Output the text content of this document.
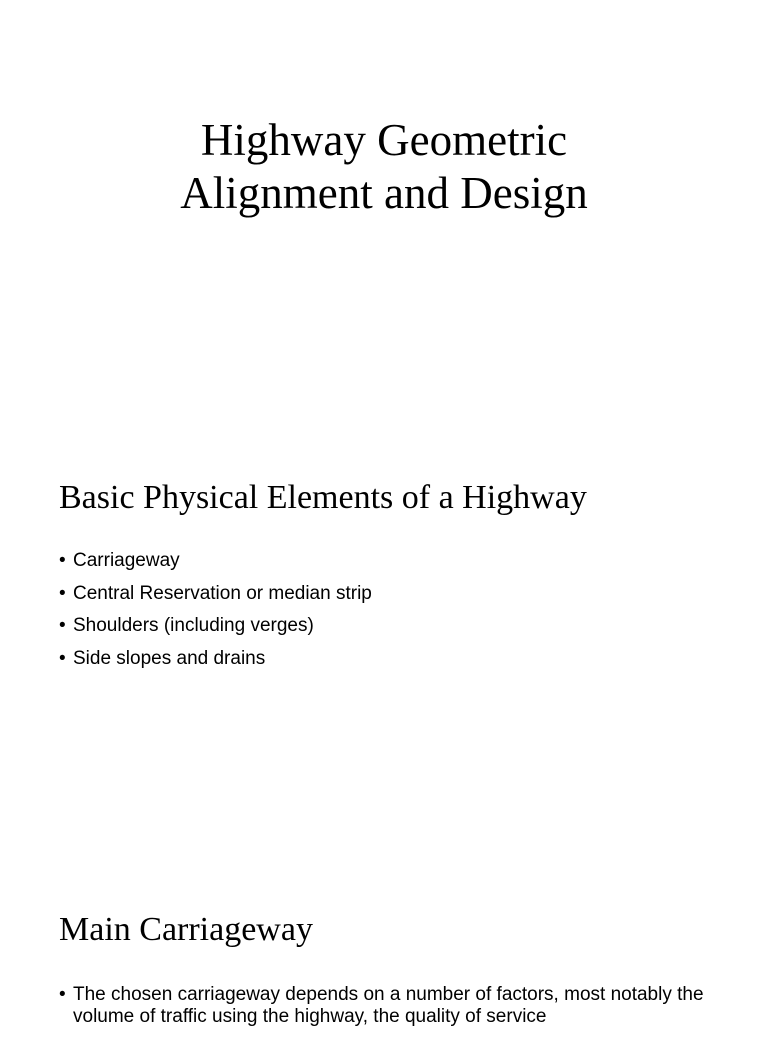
Highway Geometric
Alignment and Design
Basic Physical Elements of a Highway
• Carriageway
• Central Reservation or median strip
• Shoulders (including verges)
• Side slopes and drains
Main Carriageway
• The chosen carriageway depends on a number of factors, most notably the volume of traffic using the highway, the quality of service
